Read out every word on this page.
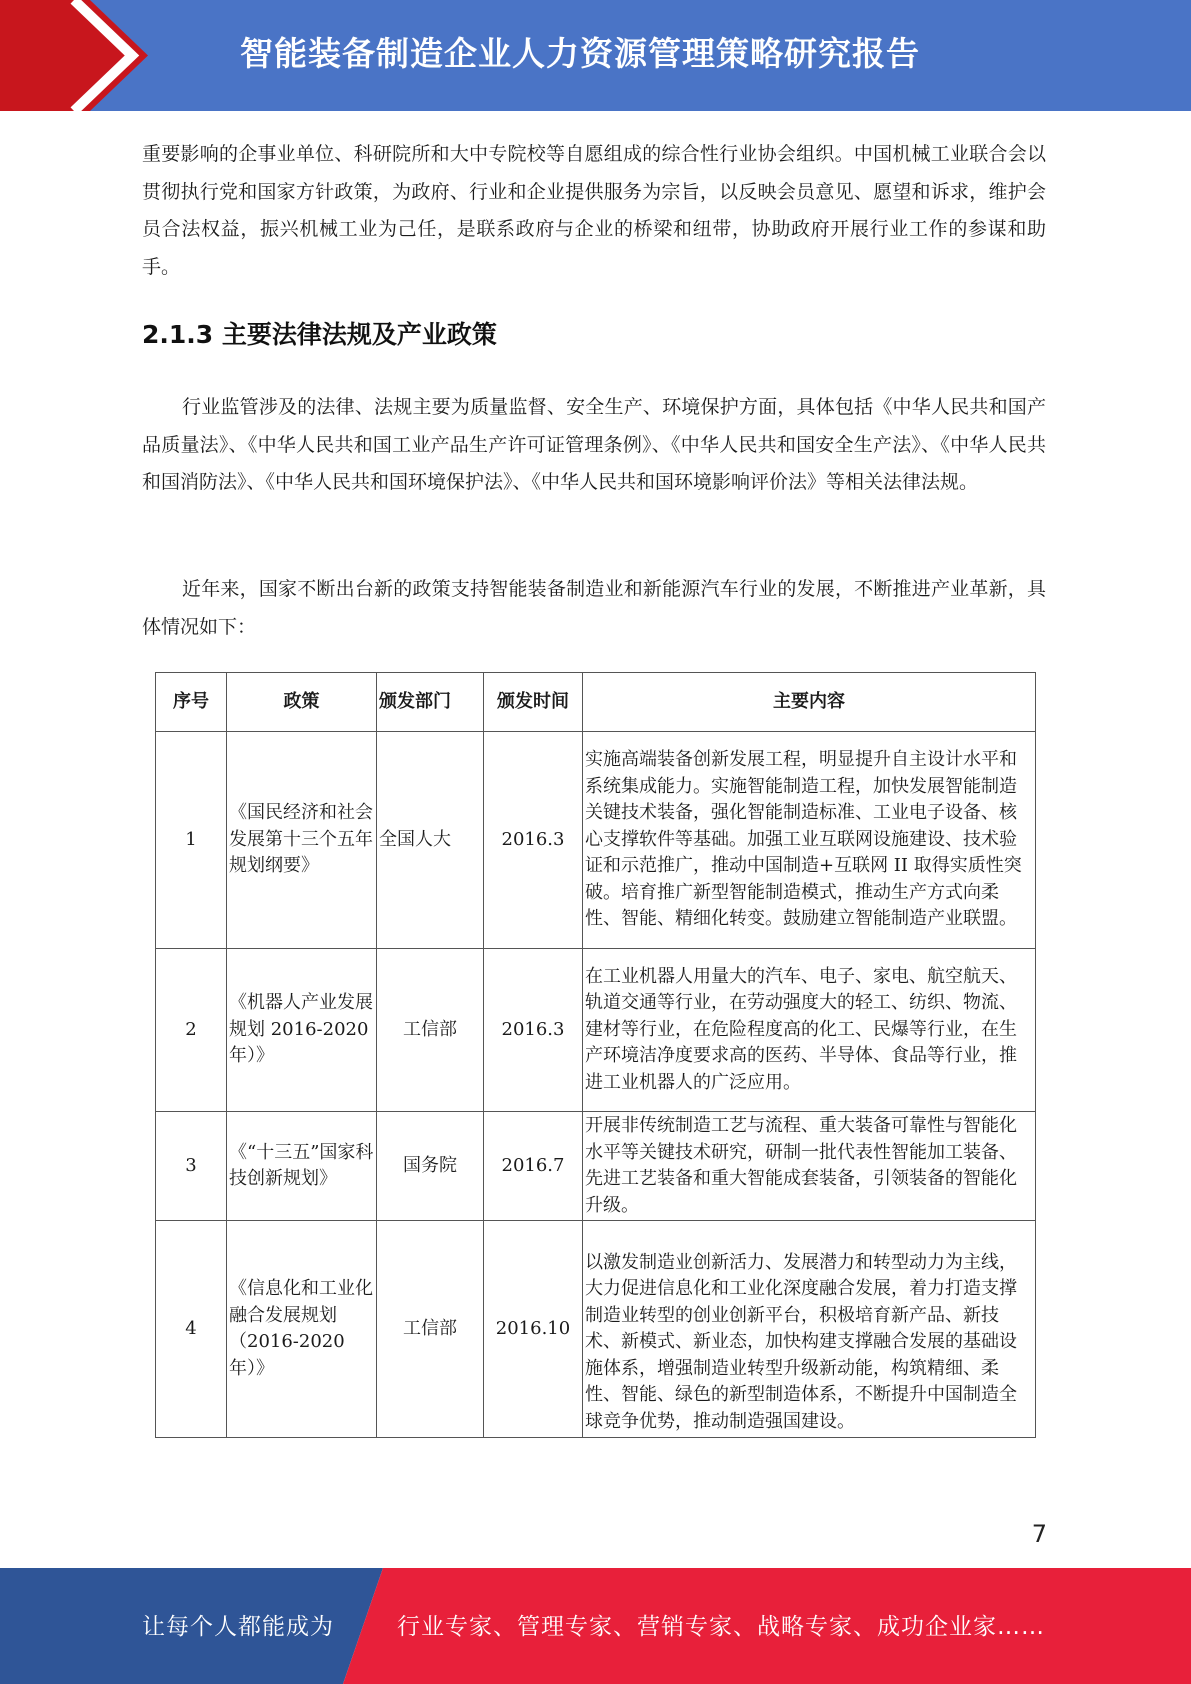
智能装备制造企业人力资源管理策略研究报告

重要影响的企事业单位、科研院所和大中专院校等自愿组成的综合性行业协会组织。中国机械工业联合会以贯彻执行党和国家方针政策，为政府、行业和企业提供服务为宗旨，以反映会员意见、愿望和诉求，维护会员合法权益，振兴机械工业为己任，是联系政府与企业的桥梁和纽带，协助政府开展行业工作的参谋和助手。

2.1.3 主要法律法规及产业政策

行业监管涉及的法律、法规主要为质量监督、安全生产、环境保护方面，具体包括《中华人民共和国产品质量法》、《中华人民共和国工业产品生产许可证管理条例》、《中华人民共和国安全生产法》、《中华人民共和国消防法》、《中华人民共和国环境保护法》、《中华人民共和国环境影响评价法》等相关法律法规。

近年来，国家不断出台新的政策支持智能装备制造业和新能源汽车行业的发展，不断推进产业革新，具体情况如下：

序号	政策	颁发部门	颁发时间	主要内容
1	《国民经济和社会发展第十三个五年规划纲要》	全国人大	2016.3	实施高端装备创新发展工程，明显提升自主设计水平和系统集成能力。实施智能制造工程，加快发展智能制造关键技术装备，强化智能制造标准、工业电子设备、核心支撑软件等基础。加强工业互联网设施建设、技术验证和示范推广，推动中国制造+互联网 II 取得实质性突破。培育推广新型智能制造模式，推动生产方式向柔性、智能、精细化转变。鼓励建立智能制造产业联盟。
2	《机器人产业发展规划 2016-2020 年）》	工信部	2016.3	在工业机器人用量大的汽车、电子、家电、航空航天、轨道交通等行业，在劳动强度大的轻工、纺织、物流、建材等行业，在危险程度高的化工、民爆等行业，在生产环境洁净度要求高的医药、半导体、食品等行业，推进工业机器人的广泛应用。
3	《“十三五”国家科技创新规划》	国务院	2016.7	开展非传统制造工艺与流程、重大装备可靠性与智能化水平等关键技术研究，研制一批代表性智能加工装备、先进工艺装备和重大智能成套装备，引领装备的智能化升级。
4	《信息化和工业化融合发展规划（2016-2020 年）》	工信部	2016.10	以激发制造业创新活力、发展潜力和转型动力为主线，大力促进信息化和工业化深度融合发展，着力打造支撑制造业转型的创业创新平台，积极培育新产品、新技术、新模式、新业态，加快构建支撑融合发展的基础设施体系，增强制造业转型升级新动能，构筑精细、柔性、智能、绿色的新型制造体系，不断提升中国制造全球竞争优势，推动制造强国建设。
7
让每个人都能成为	行业专家、管理专家、营销专家、战略专家、成功企业家……
